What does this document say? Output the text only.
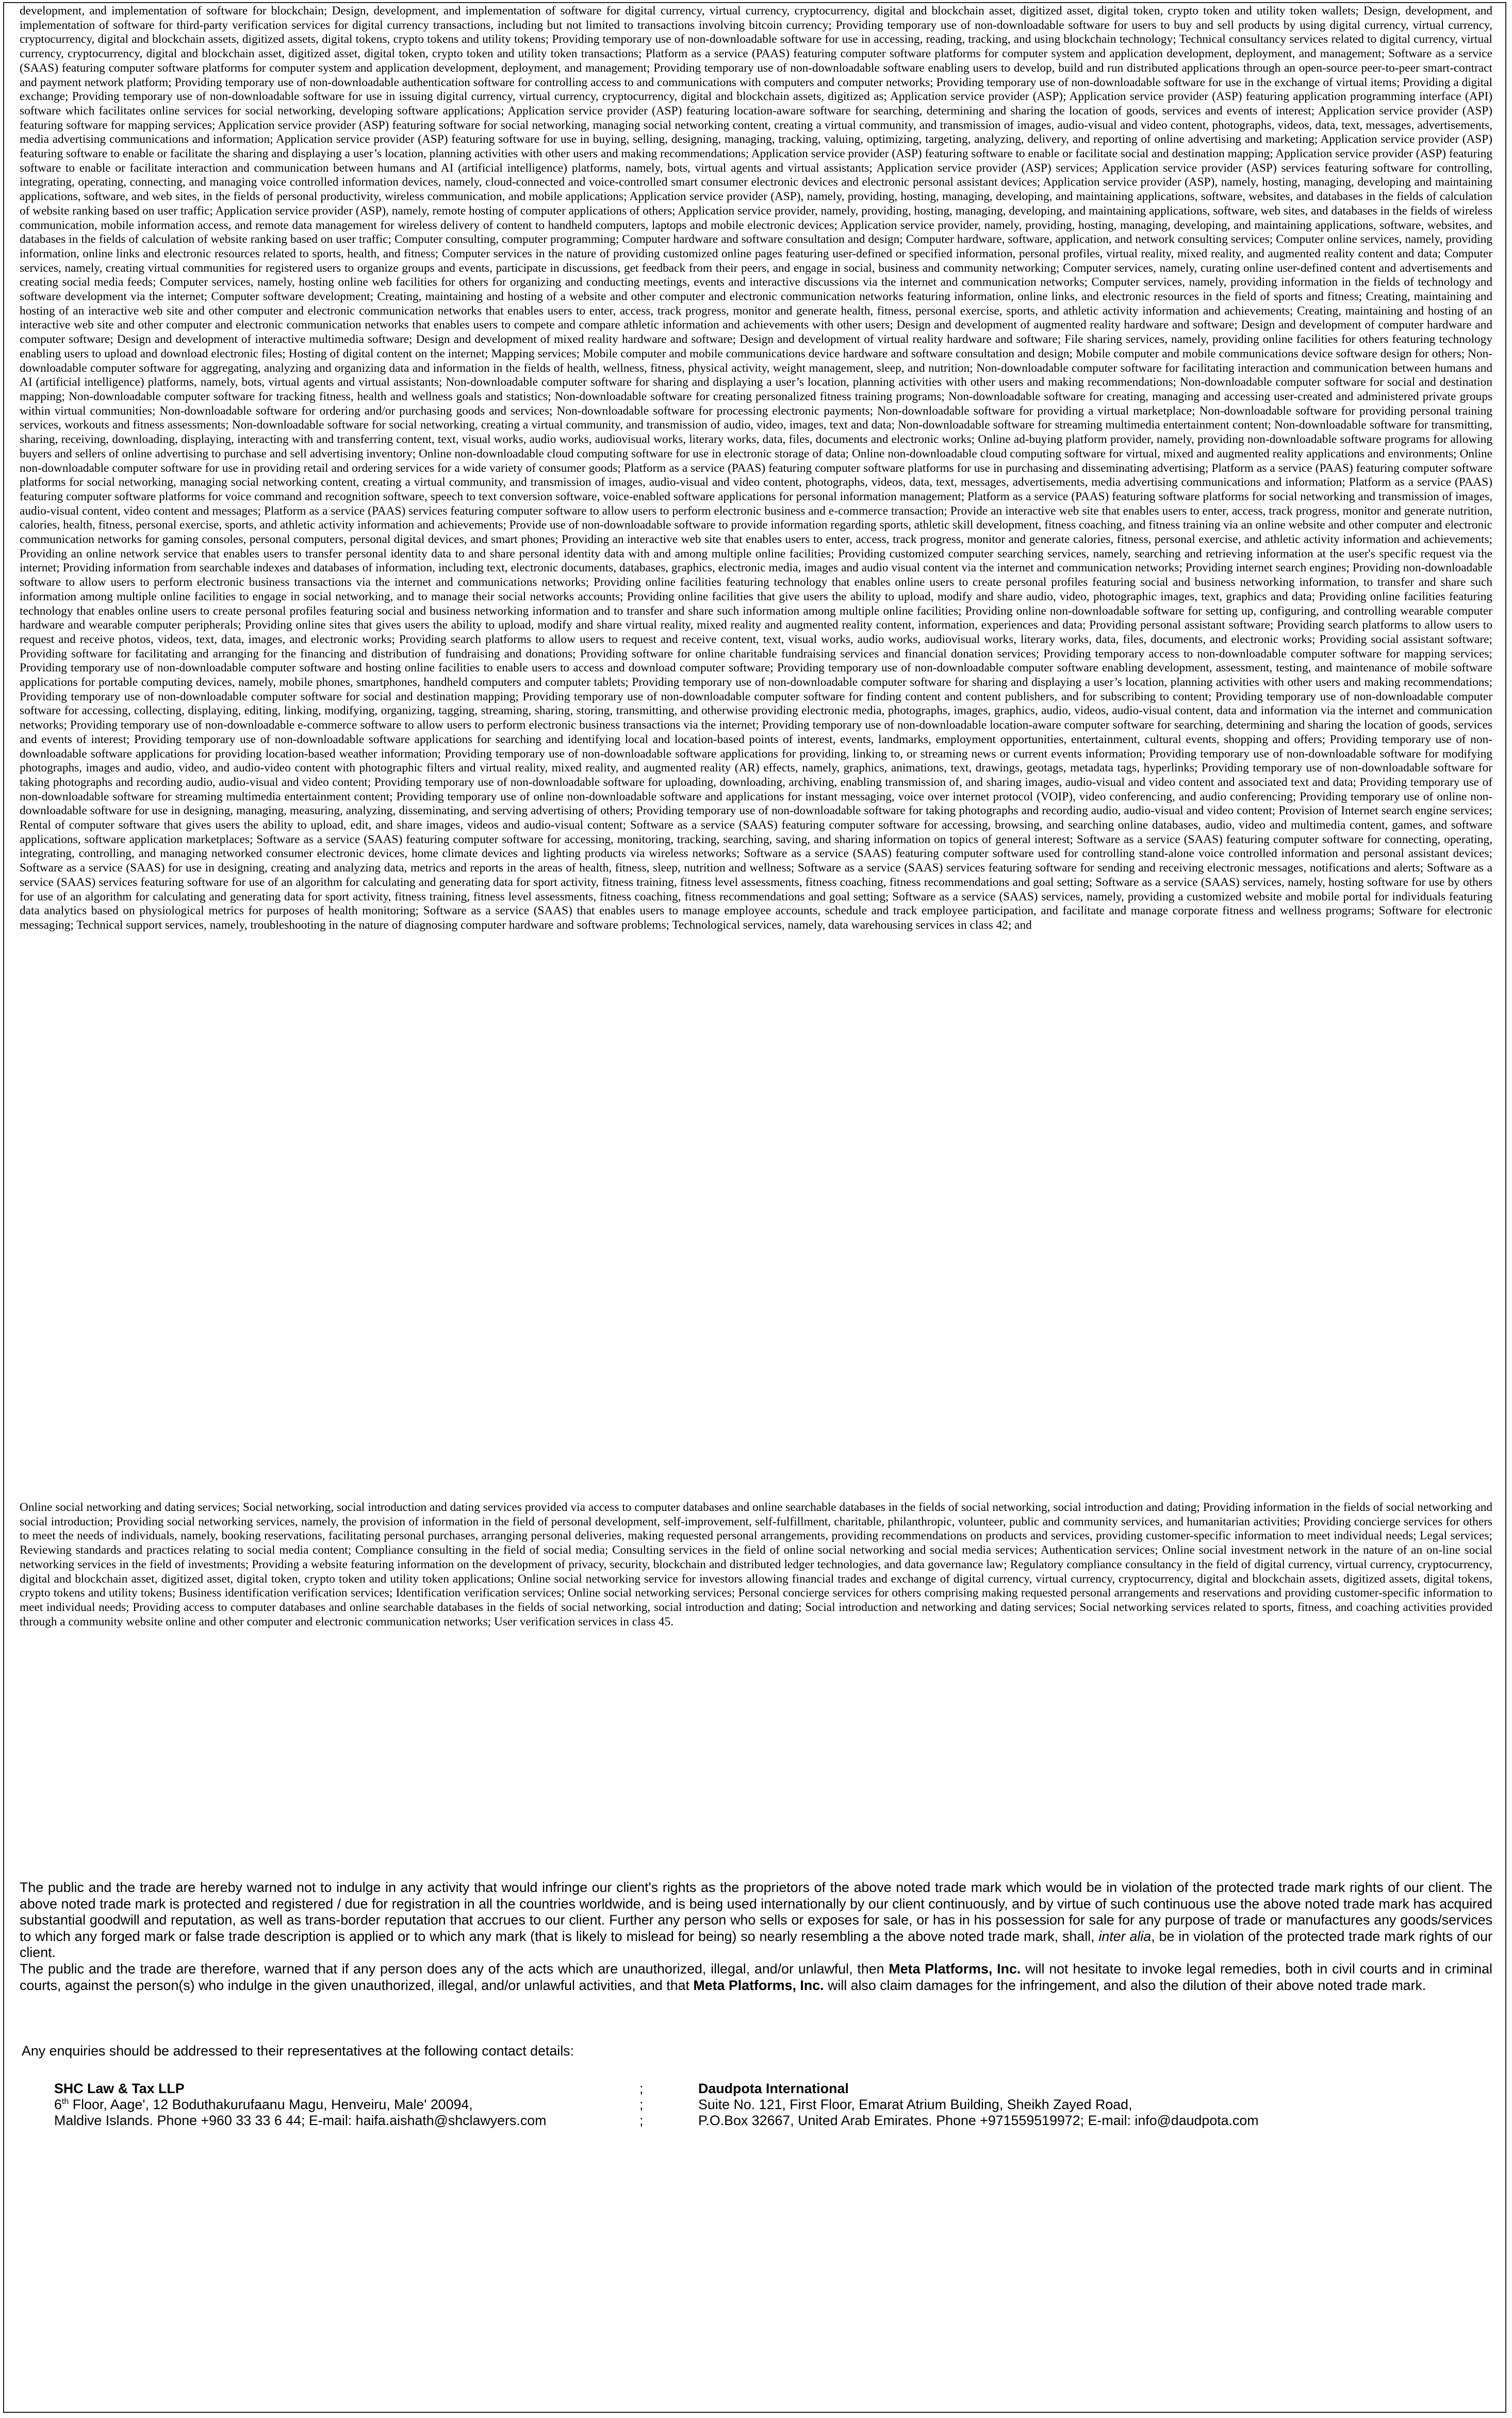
development, and implementation of software for blockchain; Design, development, and implementation of software for digital currency, virtual currency, cryptocurrency, digital and blockchain asset, digitized asset, digital token, crypto token and utility token wallets; Design, development, and implementation of software for third-party verification services for digital currency transactions, including but not limited to transactions involving bitcoin currency; Providing temporary use of non-downloadable software for users to buy and sell products by using digital currency, virtual currency, cryptocurrency, digital and blockchain assets, digitized assets, digital tokens, crypto tokens and utility tokens; Providing temporary use of non-downloadable software for use in accessing, reading, tracking, and using blockchain technology; Technical consultancy services related to digital currency, virtual currency, cryptocurrency, digital and blockchain asset, digitized asset, digital token, crypto token and utility token transactions; Platform as a service (PAAS) featuring computer software platforms for computer system and application development, deployment, and management; Software as a service (SAAS) featuring computer software platforms for computer system and application development, deployment, and management; Providing temporary use of non-downloadable software enabling users to develop, build and run distributed applications through an open-source peer-to-peer smart-contract and payment network platform; Providing temporary use of non-downloadable authentication software for controlling access to and communications with computers and computer networks; Providing temporary use of non-downloadable software for use in the exchange of virtual items; Providing a digital exchange; Providing temporary use of non-downloadable software for use in issuing digital currency, virtual currency, cryptocurrency, digital and blockchain assets, digitized as; Application service provider (ASP); Application service provider (ASP) featuring application programming interface (API) software which facilitates online services for social networking, developing software applications; Application service provider (ASP) featuring location-aware software for searching, determining and sharing the location of goods, services and events of interest; Application service provider (ASP) featuring software for mapping services; Application service provider (ASP) featuring software for social networking, managing social networking content, creating a virtual community, and transmission of images, audio-visual and video content, photographs, videos, data, text, messages, advertisements, media advertising communications and information; Application service provider (ASP) featuring software for use in buying, selling, designing, managing, tracking, valuing, optimizing, targeting, analyzing, delivery, and reporting of online advertising and marketing; Application service provider (ASP) featuring software to enable or facilitate the sharing and displaying a user’s location, planning activities with other users and making recommendations; Application service provider (ASP) featuring software to enable or facilitate social and destination mapping; Application service provider (ASP) featuring software to enable or facilitate interaction and communication between humans and AI (artificial intelligence) platforms, namely, bots, virtual agents and virtual assistants; Application service provider (ASP) services; Application service provider (ASP) services featuring software for controlling, integrating, operating, connecting, and managing voice controlled information devices, namely, cloud-connected and voice-controlled smart consumer electronic devices and electronic personal assistant devices; Application service provider (ASP), namely, hosting, managing, developing and maintaining applications, software, and web sites, in the fields of personal productivity, wireless communication, and mobile applications; Application service provider (ASP), namely, providing, hosting, managing, developing, and maintaining applications, software, websites, and databases in the fields of calculation of website ranking based on user traffic; Application service provider (ASP), namely, remote hosting of computer applications of others; Application service provider, namely, providing, hosting, managing, developing, and maintaining applications, software, web sites, and databases in the fields of wireless communication, mobile information access, and remote data management for wireless delivery of content to handheld computers, laptops and mobile electronic devices; Application service provider, namely, providing, hosting, managing, developing, and maintaining applications, software, websites, and databases in the fields of calculation of website ranking based on user traffic; Computer consulting, computer programming; Computer hardware and software consultation and design; Computer hardware, software, application, and network consulting services; Computer online services, namely, providing information, online links and electronic resources related to sports, health, and fitness; Computer services in the nature of providing customized online pages featuring user-defined or specified information, personal profiles, virtual reality, mixed reality, and augmented reality content and data; Computer services, namely, creating virtual communities for registered users to organize groups and events, participate in discussions, get feedback from their peers, and engage in social, business and community networking; Computer services, namely, curating online user-defined content and advertisements and creating social media feeds; Computer services, namely, hosting online web facilities for others for organizing and conducting meetings, events and interactive discussions via the internet and communication networks; Computer services, namely, providing information in the fields of technology and software development via the internet; Computer software development; Creating, maintaining and hosting of a website and other computer and electronic communication networks featuring information, online links, and electronic resources in the field of sports and fitness; Creating, maintaining and hosting of an interactive web site and other computer and electronic communication networks that enables users to enter, access, track progress, monitor and generate health, fitness, personal exercise, sports, and athletic activity information and achievements; Creating, maintaining and hosting of an interactive web site and other computer and electronic communication networks that enables users to compete and compare athletic information and achievements with other users; Design and development of augmented reality hardware and software; Design and development of computer hardware and computer software; Design and development of interactive multimedia software; Design and development of mixed reality hardware and software; Design and development of virtual reality hardware and software; File sharing services, namely, providing online facilities for others featuring technology enabling users to upload and download electronic files; Hosting of digital content on the internet; Mapping services; Mobile computer and mobile communications device hardware and software consultation and design; Mobile computer and mobile communications device software design for others; Non-downloadable computer software for aggregating, analyzing and organizing data and information in the fields of health, wellness, fitness, physical activity, weight management, sleep, and nutrition; Non-downloadable computer software for facilitating interaction and communication between humans and AI (artificial intelligence) platforms, namely, bots, virtual agents and virtual assistants; Non-downloadable computer software for sharing and displaying a user’s location, planning activities with other users and making recommendations; Non-downloadable computer software for social and destination mapping; Non-downloadable computer software for tracking fitness, health and wellness goals and statistics; Non-downloadable software for creating personalized fitness training programs; Non-downloadable software for creating, managing and accessing user-created and administered private groups within virtual communities; Non-downloadable software for ordering and/or purchasing goods and services; Non-downloadable software for processing electronic payments; Non-downloadable software for providing a virtual marketplace; Non-downloadable software for providing personal training services, workouts and fitness assessments; Non-downloadable software for social networking, creating a virtual community, and transmission of audio, video, images, text and data; Non-downloadable software for streaming multimedia entertainment content; Non-downloadable software for transmitting, sharing, receiving, downloading, displaying, interacting with and transferring content, text, visual works, audio works, audiovisual works, literary works, data, files, documents and electronic works; Online ad-buying platform provider, namely, providing non-downloadable software programs for allowing buyers and sellers of online advertising to purchase and sell advertising inventory; Online non-downloadable cloud computing software for use in electronic storage of data; Online non-downloadable cloud computing software for virtual, mixed and augmented reality applications and environments; Online non-downloadable computer software for use in providing retail and ordering services for a wide variety of consumer goods; Platform as a service (PAAS) featuring computer software platforms for use in purchasing and disseminating advertising; Platform as a service (PAAS) featuring computer software platforms for social networking, managing social networking content, creating a virtual community, and transmission of images, audio-visual and video content, photographs, videos, data, text, messages, advertisements, media advertising communications and information; Platform as a service (PAAS) featuring computer software platforms for voice command and recognition software, speech to text conversion software, voice-enabled software applications for personal information management; Platform as a service (PAAS) featuring software platforms for social networking and transmission of images, audio-visual content, video content and messages; Platform as a service (PAAS) services featuring computer software to allow users to perform electronic business and e-commerce transaction; Provide an interactive web site that enables users to enter, access, track progress, monitor and generate nutrition, calories, health, fitness, personal exercise, sports, and athletic activity information and achievements; Provide use of non-downloadable software to provide information regarding sports, athletic skill development, fitness coaching, and fitness training via an online website and other computer and electronic communication networks for gaming consoles, personal computers, personal digital devices, and smart phones; Providing an interactive web site that enables users to enter, access, track progress, monitor and generate calories, fitness, personal exercise, and athletic activity information and achievements; Providing an online network service that enables users to transfer personal identity data to and share personal identity data with and among multiple online facilities; Providing customized computer searching services, namely, searching and retrieving information at the user's specific request via the internet; Providing information from searchable indexes and databases of information, including text, electronic documents, databases, graphics, electronic media, images and audio visual content via the internet and communication networks; Providing internet search engines; Providing non-downloadable software to allow users to perform electronic business transactions via the internet and communications networks; Providing online facilities featuring technology that enables online users to create personal profiles featuring social and business networking information, to transfer and share such information among multiple online facilities to engage in social networking, and to manage their social networks accounts; Providing online facilities that give users the ability to upload, modify and share audio, video, photographic images, text, graphics and data; Providing online facilities featuring technology that enables online users to create personal profiles featuring social and business networking information and to transfer and share such information among multiple online facilities; Providing online non-downloadable software for setting up, configuring, and controlling wearable computer hardware and wearable computer peripherals; Providing online sites that gives users the ability to upload, modify and share virtual reality, mixed reality and augmented reality content, information, experiences and data; Providing personal assistant software; Providing search platforms to allow users to request and receive photos, videos, text, data, images, and electronic works; Providing search platforms to allow users to request and receive content, text, visual works, audio works, audiovisual works, literary works, data, files, documents, and electronic works; Providing social assistant software; Providing software for facilitating and arranging for the financing and distribution of fundraising and donations; Providing software for online charitable fundraising services and financial donation services; Providing temporary access to non-downloadable computer software for mapping services; Providing temporary use of non-downloadable computer software and hosting online facilities to enable users to access and download computer software; Providing temporary use of non-downloadable computer software enabling development, assessment, testing, and maintenance of mobile software applications for portable computing devices, namely, mobile phones, smartphones, handheld computers and computer tablets; Providing temporary use of non-downloadable computer software for sharing and displaying a user’s location, planning activities with other users and making recommendations; Providing temporary use of non-downloadable computer software for social and destination mapping; Providing temporary use of non-downloadable computer software for finding content and content publishers, and for subscribing to content; Providing temporary use of non-downloadable computer software for accessing, collecting, displaying, editing, linking, modifying, organizing, tagging, streaming, sharing, storing, transmitting, and otherwise providing electronic media, photographs, images, graphics, audio, videos, audio-visual content, data and information via the internet and communication networks; Providing temporary use of non-downloadable e-commerce software to allow users to perform electronic business transactions via the internet; Providing temporary use of non-downloadable location-aware computer software for searching, determining and sharing the location of goods, services and events of interest; Providing temporary use of non-downloadable software applications for searching and identifying local and location-based points of interest, events, landmarks, employment opportunities, entertainment, cultural events, shopping and offers; Providing temporary use of non-downloadable software applications for providing location-based weather information; Providing temporary use of non-downloadable software applications for providing, linking to, or streaming news or current events information; Providing temporary use of non-downloadable software for modifying photographs, images and audio, video, and audio-video content with photographic filters and virtual reality, mixed reality, and augmented reality (AR) effects, namely, graphics, animations, text, drawings, geotags, metadata tags, hyperlinks; Providing temporary use of non-downloadable software for taking photographs and recording audio, audio-visual and video content; Providing temporary use of non-downloadable software for uploading, downloading, archiving, enabling transmission of, and sharing images, audio-visual and video content and associated text and data; Providing temporary use of non-downloadable software for streaming multimedia entertainment content; Providing temporary use of online non-downloadable software and applications for instant messaging, voice over internet protocol (VOIP), video conferencing, and audio conferencing; Providing temporary use of online non-downloadable software for use in designing, managing, measuring, analyzing, disseminating, and serving advertising of others; Providing temporary use of non-downloadable software for taking photographs and recording audio, audio-visual and video content; Provision of Internet search engine services; Rental of computer software that gives users the ability to upload, edit, and share images, videos and audio-visual content; Software as a service (SAAS) featuring computer software for accessing, browsing, and searching online databases, audio, video and multimedia content, games, and software applications, software application marketplaces; Software as a service (SAAS) featuring computer software for accessing, monitoring, tracking, searching, saving, and sharing information on topics of general interest; Software as a service (SAAS) featuring computer software for connecting, operating, integrating, controlling, and managing networked consumer electronic devices, home climate devices and lighting products via wireless networks; Software as a service (SAAS) featuring computer software used for controlling stand-alone voice controlled information and personal assistant devices; Software as a service (SAAS) for use in designing, creating and analyzing data, metrics and reports in the areas of health, fitness, sleep, nutrition and wellness; Software as a service (SAAS) services featuring software for sending and receiving electronic messages, notifications and alerts; Software as a service (SAAS) services featuring software for use of an algorithm for calculating and generating data for sport activity, fitness training, fitness level assessments, fitness coaching, fitness recommendations and goal setting; Software as a service (SAAS) services, namely, hosting software for use by others for use of an algorithm for calculating and generating data for sport activity, fitness training, fitness level assessments, fitness coaching, fitness recommendations and goal setting; Software as a service (SAAS) services, namely, providing a customized website and mobile portal for individuals featuring data analytics based on physiological metrics for purposes of health monitoring; Software as a service (SAAS) that enables users to manage employee accounts, schedule and track employee participation, and facilitate and manage corporate fitness and wellness programs; Software for electronic messaging; Technical support services, namely, troubleshooting in the nature of diagnosing computer hardware and software problems; Technological services, namely, data warehousing services in class 42; and
Online social networking and dating services; Social networking, social introduction and dating services provided via access to computer databases and online searchable databases in the fields of social networking, social introduction and dating; Providing information in the fields of social networking and social introduction; Providing social networking services, namely, the provision of information in the field of personal development, self-improvement, self-fulfillment, charitable, philanthropic, volunteer, public and community services, and humanitarian activities; Providing concierge services for others to meet the needs of individuals, namely, booking reservations, facilitating personal purchases, arranging personal deliveries, making requested personal arrangements, providing recommendations on products and services, providing customer-specific information to meet individual needs; Legal services; Reviewing standards and practices relating to social media content; Compliance consulting in the field of social media; Consulting services in the field of online social networking and social media services; Authentication services; Online social investment network in the nature of an on-line social networking services in the field of investments; Providing a website featuring information on the development of privacy, security, blockchain and distributed ledger technologies, and data governance law; Regulatory compliance consultancy in the field of digital currency, virtual currency, cryptocurrency, digital and blockchain asset, digitized asset, digital token, crypto token and utility token applications; Online social networking service for investors allowing financial trades and exchange of digital currency, virtual currency, cryptocurrency, digital and blockchain assets, digitized assets, digital tokens, crypto tokens and utility tokens; Business identification verification services; Identification verification services; Online social networking services; Personal concierge services for others comprising making requested personal arrangements and reservations and providing customer-specific information to meet individual needs; Providing access to computer databases and online searchable databases in the fields of social networking, social introduction and dating; Social introduction and networking and dating services; Social networking services related to sports, fitness, and coaching activities provided through a community website online and other computer and electronic communication networks; User verification services in class 45.

The public and the trade are hereby warned not to indulge in any activity that would infringe our client's rights as the proprietors of the above noted trade mark which would be in violation of the protected trade mark rights of our client. The above noted trade mark is protected and registered / due for registration in all the countries worldwide, and is being used internationally by our client continuously, and by virtue of such continuous use the above noted trade mark has acquired substantial goodwill and reputation, as well as trans-border reputation that accrues to our client. Further any person who sells or exposes for sale, or has in his possession for sale for any purpose of trade or manufactures any goods/services to which any forged mark or false trade description is applied or to which any mark (that is likely to mislead for being) so nearly resembling a the above noted trade mark, shall, inter alia, be in violation of the protected trade mark rights of our client.

The public and the trade are therefore, warned that if any person does any of the acts which are unauthorized, illegal, and/or unlawful, then Meta Platforms, Inc. will not hesitate to invoke legal remedies, both in civil courts and in criminal courts, against the person(s) who indulge in the given unauthorized, illegal, and/or unlawful activities, and that Meta Platforms, Inc. will also claim damages for the infringement, and also the dilution of their above noted trade mark.

Any enquiries should be addressed to their representatives at the following contact details:
SHC Law & Tax LLP
6th Floor, Aage', 12 Boduthakurufaanu Magu, Henveiru, Male' 20094,
Maldive Islands. Phone +960 33 33 6 44; E-mail: haifa.aishath@shclawyers.com
;
;
;
Daudpota International
Suite No. 121, First Floor, Emarat Atrium Building, Sheikh Zayed Road,
P.O.Box 32667, United Arab Emirates. Phone +971559519972; E-mail: info@daudpota.com
